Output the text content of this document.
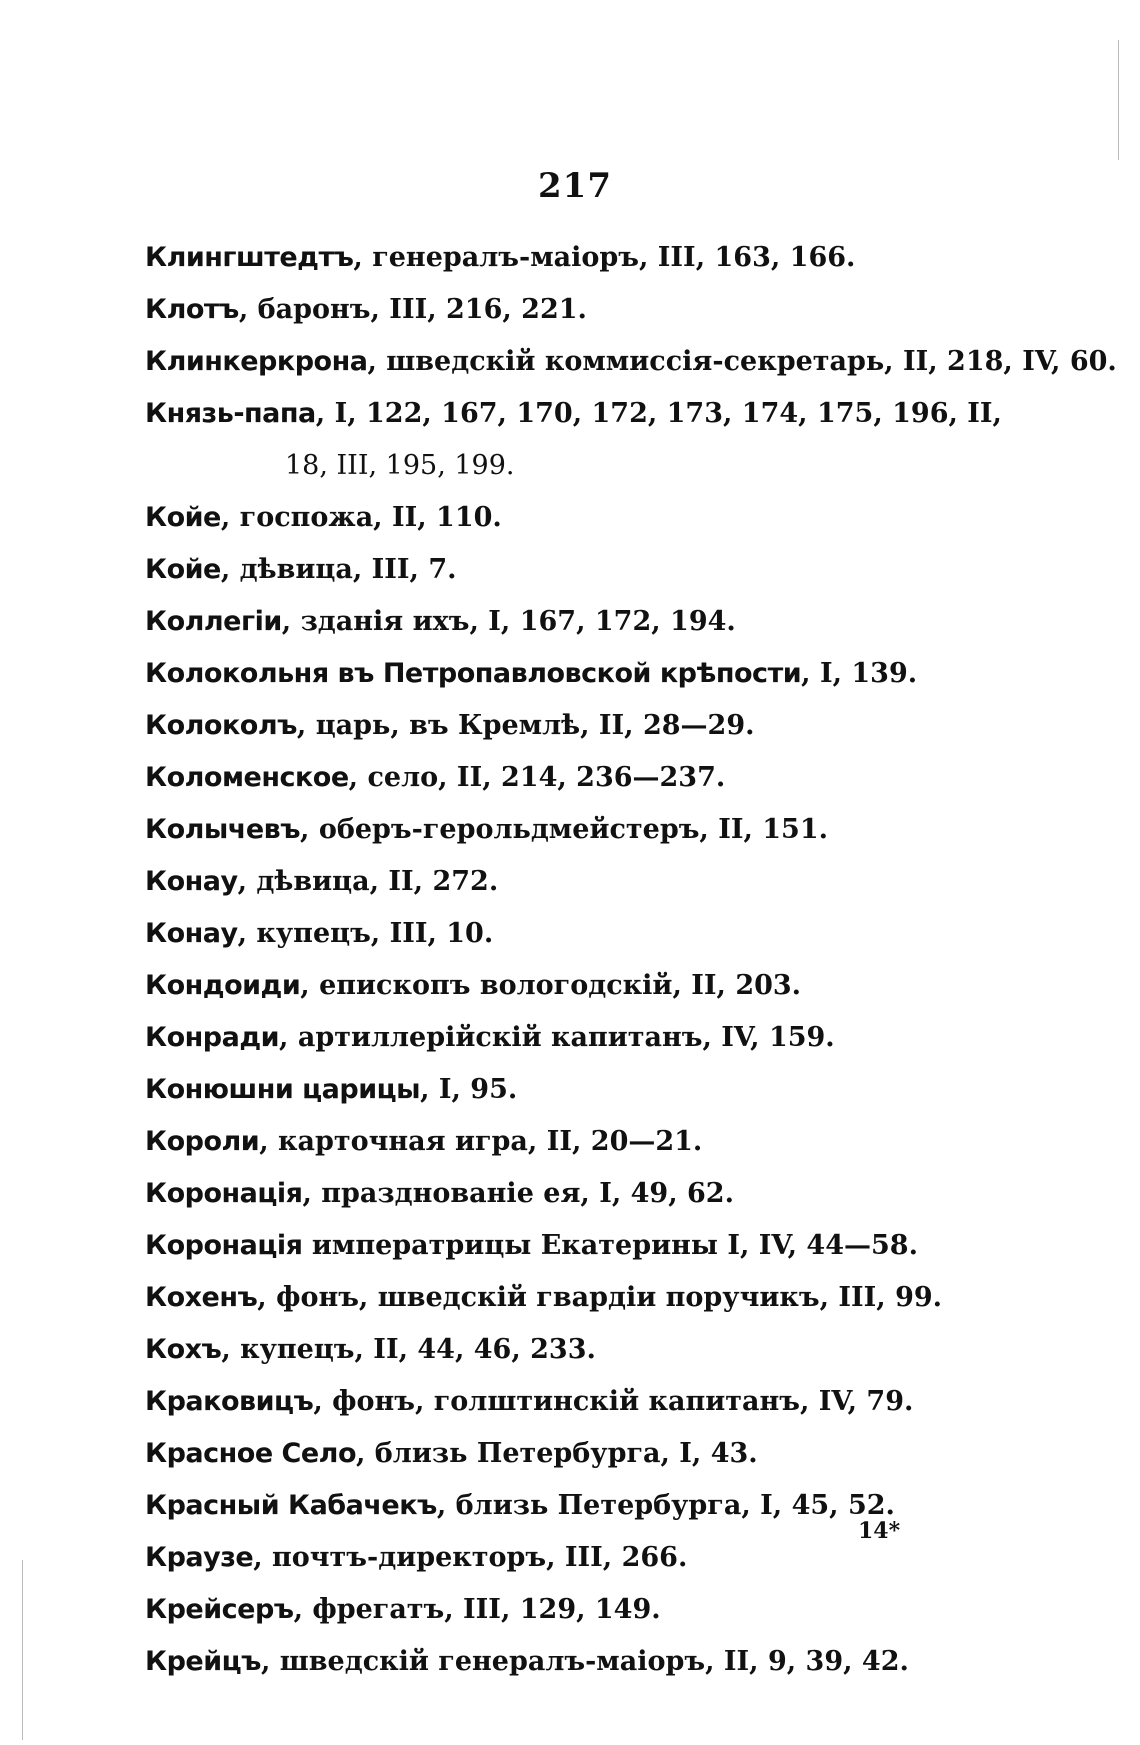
217
Клингштедтъ, генералъ-маіоръ, III, 163, 166.
Клотъ, баронъ, III, 216, 221.
Клинкеркрона, шведскій коммиссія-секретарь, II, 218, IV, 60.
Князь-папа, I, 122, 167, 170, 172, 173, 174, 175, 196, II,
18, III, 195, 199.
Койе, госпожа, II, 110.
Койе, дѣвица, III, 7.
Коллегіи, зданія ихъ, I, 167, 172, 194.
Колокольня въ Петропавловской крѣпости, I, 139.
Колоколъ, царь, въ Кремлѣ, II, 28—29.
Коломенское, село, II, 214, 236—237.
Колычевъ, оберъ-герольдмейстеръ, II, 151.
Конау, дѣвица, II, 272.
Конау, купецъ, III, 10.
Кондоиди, епископъ вологодскій, II, 203.
Конради, артиллерійскій капитанъ, IV, 159.
Конюшни царицы, I, 95.
Короли, карточная игра, II, 20—21.
Коронація, празднованіе ея, I, 49, 62.
Коронація императрицы Екатерины I, IV, 44—58.
Кохенъ, фонъ, шведскій гвардіи поручикъ, III, 99.
Кохъ, купецъ, II, 44, 46, 233.
Краковицъ, фонъ, голштинскій капитанъ, IV, 79.
Красное Село, близь Петербурга, I, 43.
Красный Кабачекъ, близь Петербурга, I, 45, 52.
Краузе, почтъ-директоръ, III, 266.
Крейсеръ, фрегатъ, III, 129, 149.
Крейцъ, шведскій генералъ-маіоръ, II, 9, 39, 42.
14*
